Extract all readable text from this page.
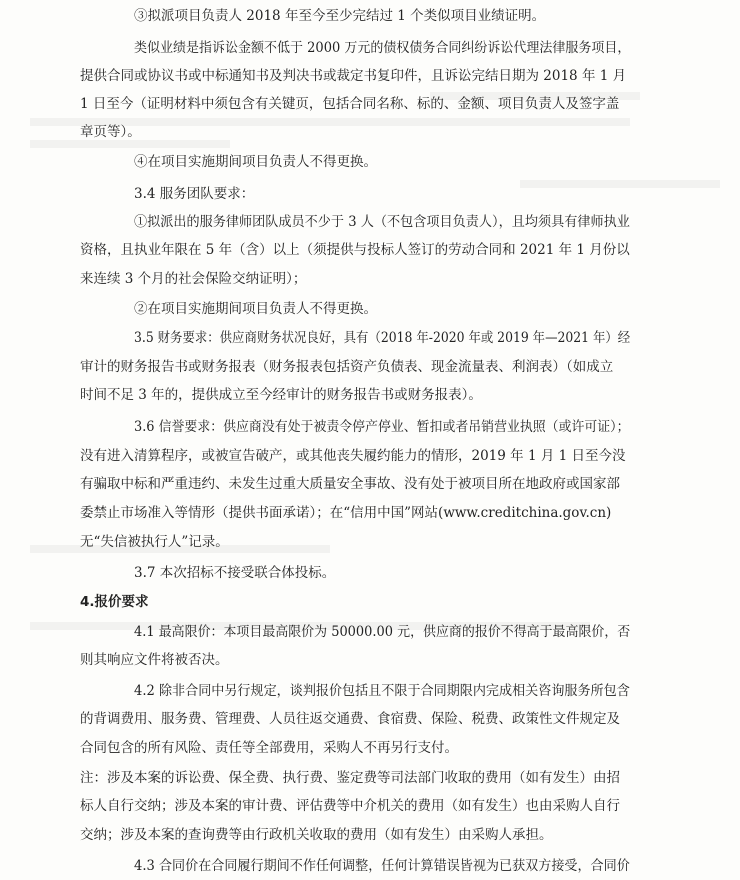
③拟派项目负责人 2018 年至今至少完结过 1 个类似项目业绩证明。
类似业绩是指诉讼金额不低于 2000 万元的债权债务合同纠纷诉讼代理法律服务项目，
提供合同或协议书或中标通知书及判决书或裁定书复印件，且诉讼完结日期为 2018 年 1 月
1 日至今（证明材料中须包含有关键页，包括合同名称、标的、金额、项目负责人及签字盖
章页等）。
④在项目实施期间项目负责人不得更换。
3.4 服务团队要求：
①拟派出的服务律师团队成员不少于 3 人（不包含项目负责人），且均须具有律师执业
资格，且执业年限在 5 年（含）以上（须提供与投标人签订的劳动合同和 2021 年 1 月份以
来连续 3 个月的社会保险交纳证明）；
②在项目实施期间项目负责人不得更换。
3.5 财务要求：供应商财务状况良好，具有（2018 年-2020 年或 2019 年—2021 年）经
审计的财务报告书或财务报表（财务报表包括资产负债表、现金流量表、利润表）（如成立
时间不足 3 年的，提供成立至今经审计的财务报告书或财务报表）。
3.6 信誉要求：供应商没有处于被责令停产停业、暂扣或者吊销营业执照（或许可证）；
没有进入清算程序，或被宣告破产，或其他丧失履约能力的情形，2019 年 1 月 1 日至今没
有骗取中标和严重违约、未发生过重大质量安全事故、没有处于被项目所在地政府或国家部
委禁止市场准入等情形（提供书面承诺）；在“信用中国”网站(www.creditchina.gov.cn)
无“失信被执行人”记录。
3.7 本次招标不接受联合体投标。
4.报价要求
4.1 最高限价：本项目最高限价为 50000.00 元，供应商的报价不得高于最高限价，否
则其响应文件将被否决。
4.2 除非合同中另行规定，谈判报价包括且不限于合同期限内完成相关咨询服务所包含
的背调费用、服务费、管理费、人员往返交通费、食宿费、保险、税费、政策性文件规定及
合同包含的所有风险、责任等全部费用，采购人不再另行支付。
注：涉及本案的诉讼费、保全费、执行费、鉴定费等司法部门收取的费用（如有发生）由招
标人自行交纳；涉及本案的审计费、评估费等中介机关的费用（如有发生）也由采购人自行
交纳；涉及本案的查询费等由行政机关收取的费用（如有发生）由采购人承担。
4.3 合同价在合同履行期间不作任何调整，任何计算错误皆视为已获双方接受，合同价
